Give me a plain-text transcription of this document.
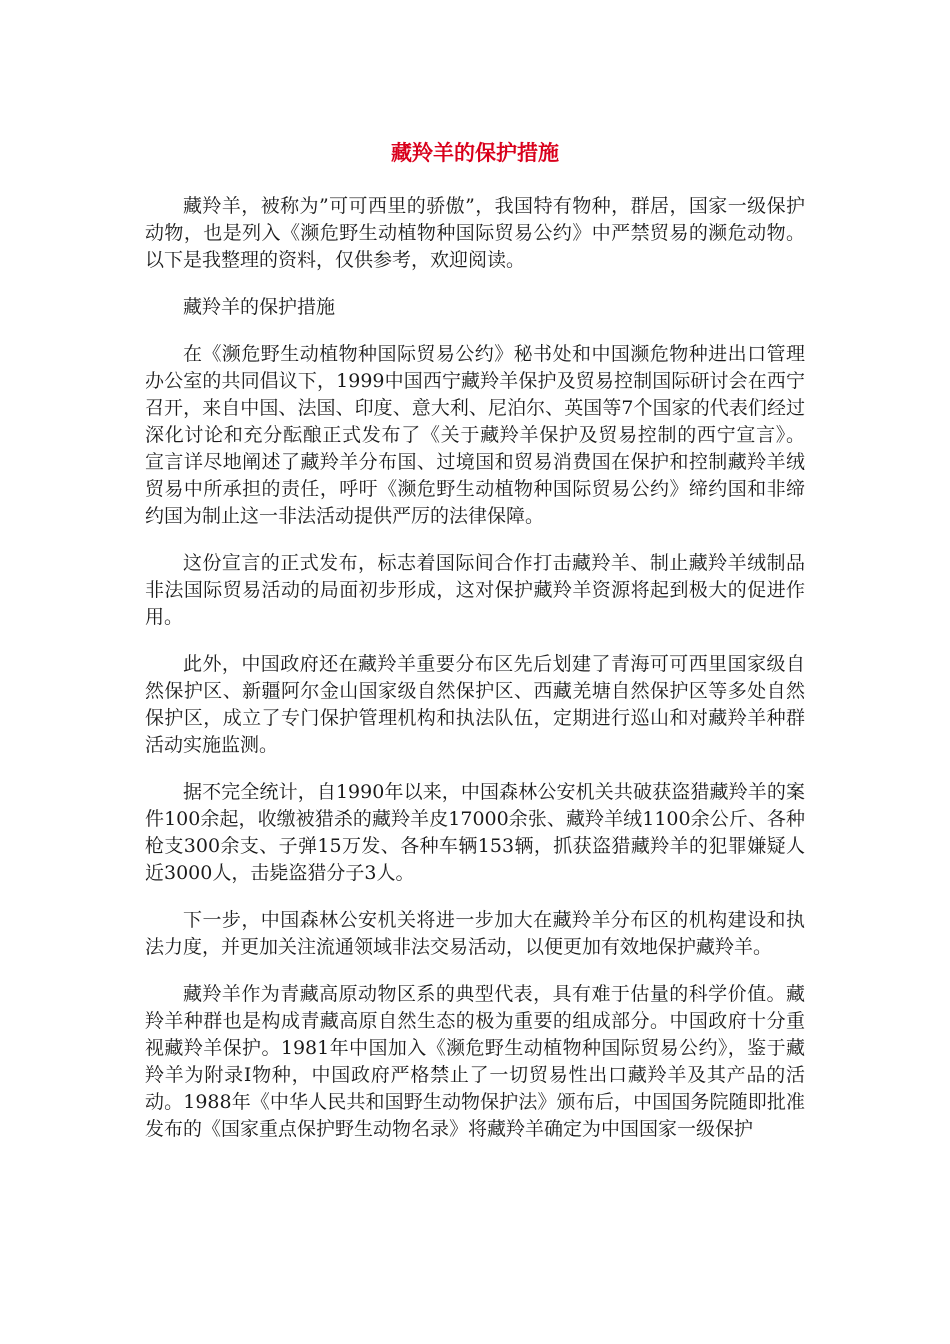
藏羚羊的保护措施

藏羚羊，被称为”可可西里的骄傲”，我国特有物种，群居，国家一级保护动物，也是列入《濒危野生动植物种国际贸易公约》中严禁贸易的濒危动物。以下是我整理的资料，仅供参考，欢迎阅读。

藏羚羊的保护措施

在《濒危野生动植物种国际贸易公约》秘书处和中国濒危物种进出口管理办公室的共同倡议下，1999中国西宁藏羚羊保护及贸易控制国际研讨会在西宁召开，来自中国、法国、印度、意大利、尼泊尔、英国等7个国家的代表们经过深化讨论和充分酝酿正式发布了《关于藏羚羊保护及贸易控制的西宁宣言》。 宣言详尽地阐述了藏羚羊分布国、过境国和贸易消费国在保护和控制藏羚羊绒贸易中所承担的责任，呼吁《濒危野生动植物种国际贸易公约》缔约国和非缔约国为制止这一非法活动提供严厉的法律保障。

这份宣言的正式发布，标志着国际间合作打击藏羚羊、制止藏羚羊绒制品非法国际贸易活动的局面初步形成，这对保护藏羚羊资源将起到极大的促进作用。

此外，中国政府还在藏羚羊重要分布区先后划建了青海可可西里国家级自然保护区、新疆阿尔金山国家级自然保护区、西藏羌塘自然保护区等多处自然保护区，成立了专门保护管理机构和执法队伍，定期进行巡山和对藏羚羊种群活动实施监测。

据不完全统计，自1990年以来，中国森林公安机关共破获盗猎藏羚羊的案件100余起，收缴被猎杀的藏羚羊皮17000余张、藏羚羊绒1100余公斤、各种枪支300余支、子弹15万发、各种车辆153辆，抓获盗猎藏羚羊的犯罪嫌疑人近3000人，击毙盗猎分子3人。

下一步，中国森林公安机关将进一步加大在藏羚羊分布区的机构建设和执法力度，并更加关注流通领域非法交易活动，以便更加有效地保护藏羚羊。

藏羚羊作为青藏高原动物区系的典型代表，具有难于估量的科学价值。藏羚羊种群也是构成青藏高原自然生态的极为重要的组成部分。中国政府十分重视藏羚羊保护。1981年中国加入《濒危野生动植物种国际贸易公约》，鉴于藏羚羊为附录Ⅰ物种，中国政府严格禁止了一切贸易性出口藏羚羊及其产品的活动。1988年《中华人民共和国野生动物保护法》颁布后，中国国务院随即批准发布的《国家重点保护野生动物名录》将藏羚羊确定为中国国家一级保护
